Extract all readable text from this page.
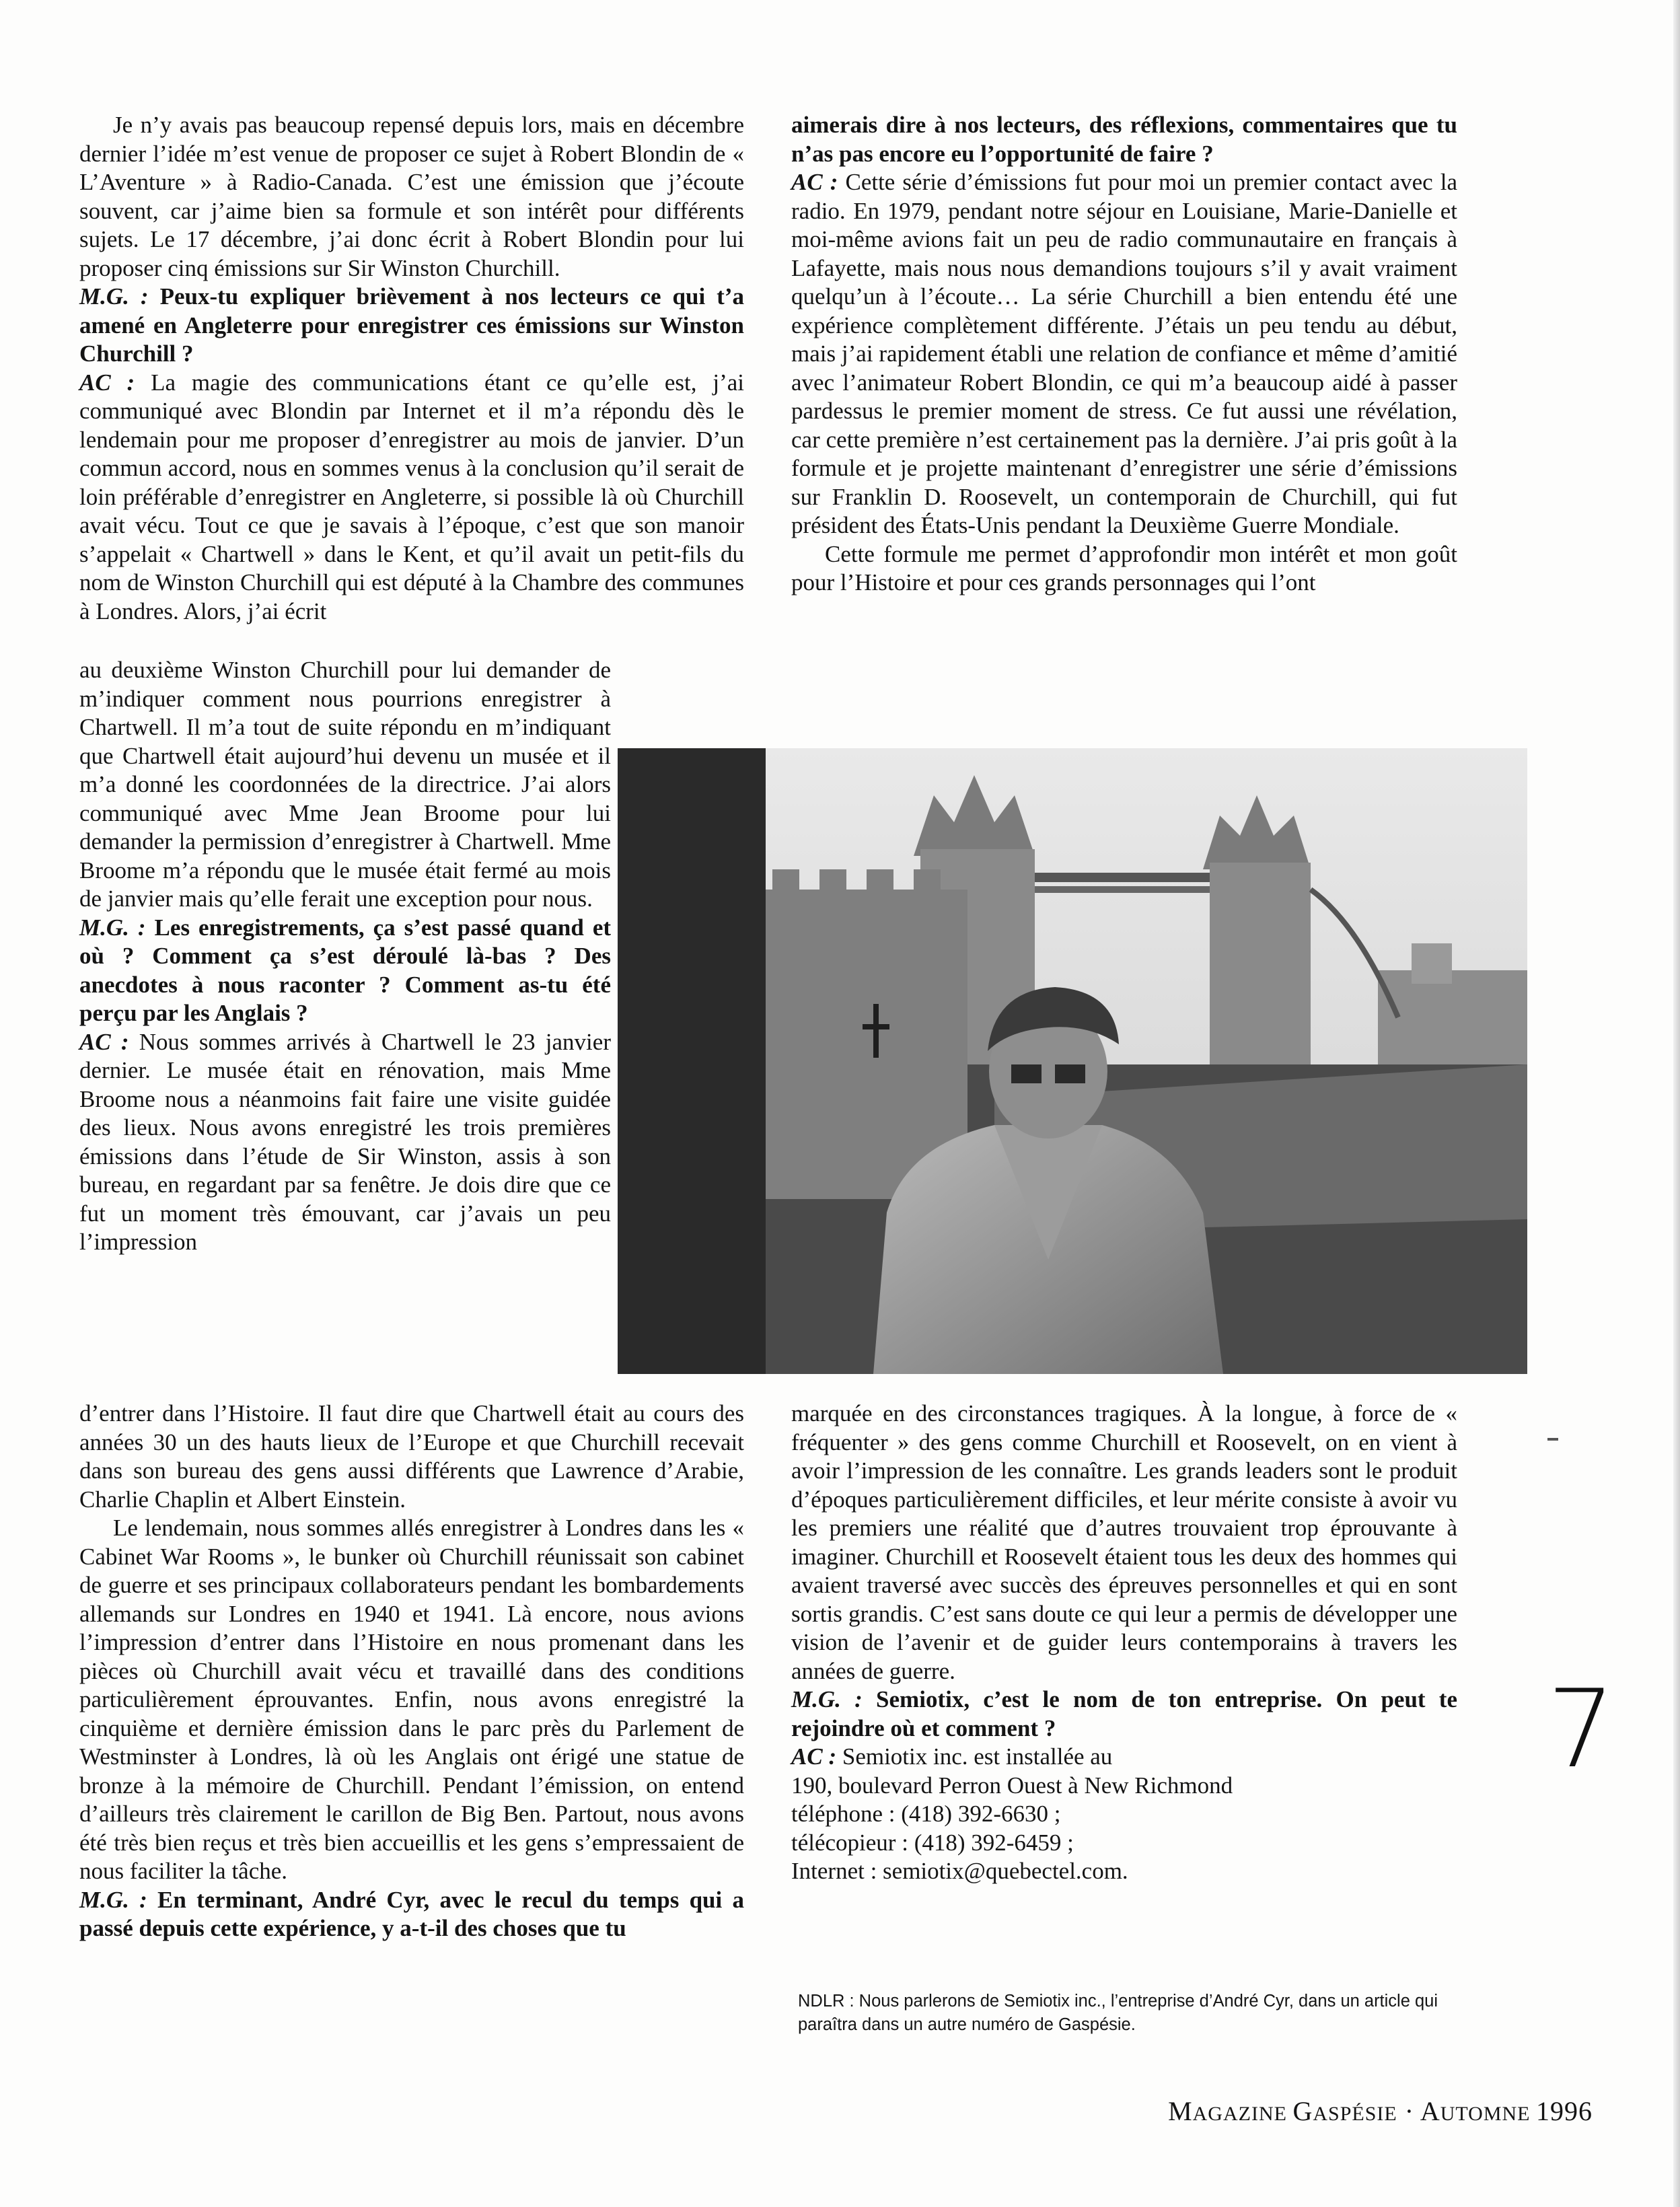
Je n’y avais pas beaucoup repensé depuis lors, mais en décembre dernier l’idée m’est venue de proposer ce sujet à Robert Blondin de « L’Aventure » à Radio-Canada. C’est une émission que j’écoute souvent, car j’aime bien sa formule et son intérêt pour différents sujets. Le 17 décembre, j’ai donc écrit à Robert Blondin pour lui proposer cinq émissions sur Sir Winston Churchill.

M.G. : Peux-tu expliquer brièvement à nos lecteurs ce qui t’a amené en Angleterre pour enregistrer ces émissions sur Winston Churchill ?

AC : La magie des communications étant ce qu’elle est, j’ai communiqué avec Blondin par Internet et il m’a répondu dès le lendemain pour me proposer d’enregistrer au mois de janvier. D’un commun accord, nous en sommes venus à la conclusion qu’il serait de loin préférable d’enregistrer en Angleterre, si possible là où Churchill avait vécu. Tout ce que je savais à l’époque, c’est que son manoir s’appelait « Chartwell » dans le Kent, et qu’il avait un petit-fils du nom de Winston Churchill qui est député à la Chambre des communes à Londres. Alors, j’ai écrit

au deuxième Winston Churchill pour lui demander de m’indiquer comment nous pourrions enregistrer à Chartwell. Il m’a tout de suite répondu en m’indiquant que Chartwell était aujourd’hui devenu un musée et il m’a donné les coordonnées de la directrice. J’ai alors communiqué avec Mme Jean Broome pour lui demander la permission d’enregistrer à Chartwell. Mme Broome m’a répondu que le musée était fermé au mois de janvier mais qu’elle ferait une exception pour nous.

M.G. : Les enregistrements, ça s’est passé quand et où ? Comment ça s’est déroulé là-bas ? Des anecdotes à nous raconter ? Comment as-tu été perçu par les Anglais ?

AC : Nous sommes arrivés à Chartwell le 23 janvier dernier. Le musée était en rénovation, mais Mme Broome nous a néanmoins fait faire une visite guidée des lieux. Nous avons enregistré les trois premières émissions dans l’étude de Sir Winston, assis à son bureau, en regardant par sa fenêtre. Je dois dire que ce fut un moment très émouvant, car j’avais un peu l’impression

d’entrer dans l’Histoire. Il faut dire que Chartwell était au cours des années 30 un des hauts lieux de l’Europe et que Churchill recevait dans son bureau des gens aussi différents que Lawrence d’Arabie, Charlie Chaplin et Albert Einstein.

Le lendemain, nous sommes allés enregistrer à Londres dans les « Cabinet War Rooms », le bunker où Churchill réunissait son cabinet de guerre et ses principaux collaborateurs pendant les bombardements allemands sur Londres en 1940 et 1941. Là encore, nous avions l’impression d’entrer dans l’Histoire en nous promenant dans les pièces où Churchill avait vécu et travaillé dans des conditions particulièrement éprouvantes. Enfin, nous avons enregistré la cinquième et dernière émission dans le parc près du Parlement de Westminster à Londres, là où les Anglais ont érigé une statue de bronze à la mémoire de Churchill. Pendant l’émission, on entend d’ailleurs très clairement le carillon de Big Ben. Partout, nous avons été très bien reçus et très bien accueillis et les gens s’empressaient de nous faciliter la tâche.

M.G. : En terminant, André Cyr, avec le recul du temps qui a passé depuis cette expérience, y a-t-il des choses que tu

aimerais dire à nos lecteurs, des réflexions, commentaires que tu n’as pas encore eu l’opportunité de faire ?

AC : Cette série d’émissions fut pour moi un premier contact avec la radio. En 1979, pendant notre séjour en Louisiane, Marie-Danielle et moi-même avions fait un peu de radio communautaire en français à Lafayette, mais nous nous demandions toujours s’il y avait vraiment quelqu’un à l’écoute… La série Churchill a bien entendu été une expérience complètement différente. J’étais un peu tendu au début, mais j’ai rapidement établi une relation de confiance et même d’amitié avec l’animateur Robert Blondin, ce qui m’a beaucoup aidé à passer pardessus le premier moment de stress. Ce fut aussi une révélation, car cette première n’est certainement pas la dernière. J’ai pris goût à la formule et je projette maintenant d’enregistrer une série d’émissions sur Franklin D. Roosevelt, un contemporain de Churchill, qui fut président des États-Unis pendant la Deuxième Guerre Mondiale.

Cette formule me permet d’approfondir mon intérêt et mon goût pour l’Histoire et pour ces grands personnages qui l’ont

marquée en des circonstances tragiques. À la longue, à force de « fréquenter » des gens comme Churchill et Roosevelt, on en vient à avoir l’impression de les connaître. Les grands leaders sont le produit d’époques particulièrement difficiles, et leur mérite consiste à avoir vu les premiers une réalité que d’autres trouvaient trop éprouvante à imaginer. Churchill et Roosevelt étaient tous les deux des hommes qui avaient traversé avec succès des épreuves personnelles et qui en sont sortis grandis. C’est sans doute ce qui leur a permis de développer une vision de l’avenir et de guider leurs contemporains à travers les années de guerre.

M.G. : Semiotix, c’est le nom de ton entreprise. On peut te rejoindre où et comment ?

AC : Semiotix inc. est installée au

190, boulevard Perron Ouest à New Richmond

téléphone : (418) 392-6630 ;

télécopieur : (418) 392-6459 ;

Internet : semiotix@quebectel.com.

NDLR : Nous parlerons de Semiotix inc., l’entreprise d’André Cyr, dans un article qui paraîtra dans un autre numéro de Gaspésie.
7
MAGAZINE GASPÉSIE · AUTOMNE 1996
